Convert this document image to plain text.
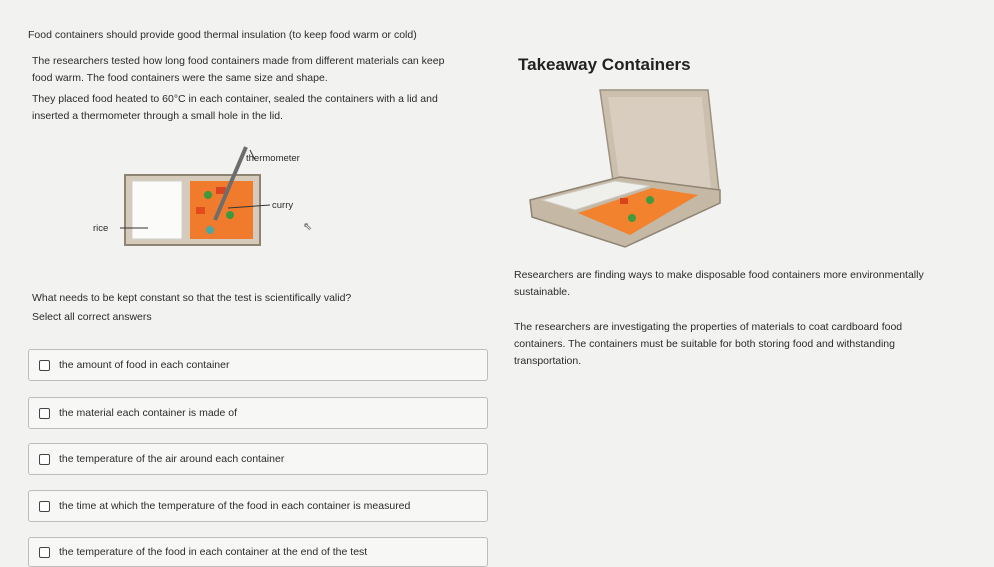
Food containers should provide good thermal insulation (to keep food warm or cold)

The researchers tested how long food containers made from different materials can keep

food warm. The food containers were the same size and shape.

They placed food heated to 60°C in each container, sealed the containers with a lid and

inserted a thermometer through a small hole in the lid.

thermometer
curry
rice	⇖

What needs to be kept constant so that the test is scientifically valid?

Select all correct answers

the amount of food in each container
the material each container is made of
the temperature of the air around each container
the time at which the temperature of the food in each container is measured
the temperature of the food in each container at the end of the test
Takeaway Containers

Researchers are finding ways to make disposable food containers more environmentally

sustainable.

The researchers are investigating the properties of materials to coat cardboard food

containers. The containers must be suitable for both storing food and withstanding

transportation.
